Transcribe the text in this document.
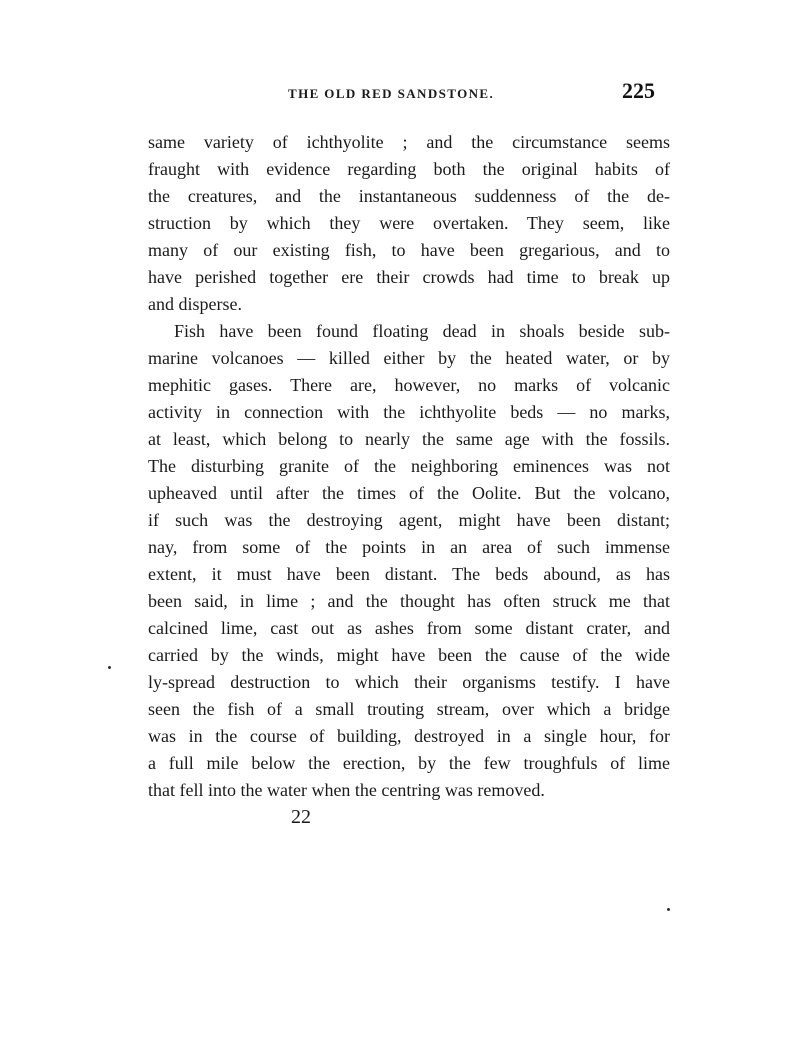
THE OLD RED SANDSTONE.	225
same variety of ichthyolite ; and the circumstance seems
fraught with evidence regarding both the original habits of
the creatures, and the instantaneous suddenness of the de-
struction by which they were overtaken. They seem, like
many of our existing fish, to have been gregarious, and to
have perished together ere their crowds had time to break up
and disperse.
Fish have been found floating dead in shoals beside sub-
marine volcanoes — killed either by the heated water, or by
mephitic gases. There are, however, no marks of volcanic
activity in connection with the ichthyolite beds — no marks,
at least, which belong to nearly the same age with the fossils.
The disturbing granite of the neighboring eminences was not
upheaved until after the times of the Oolite. But the volcano,
if such was the destroying agent, might have been distant;
nay, from some of the points in an area of such immense
extent, it must have been distant. The beds abound, as has
been said, in lime ; and the thought has often struck me that
calcined lime, cast out as ashes from some distant crater, and
carried by the winds, might have been the cause of the wide
ly-spread destruction to which their organisms testify. I have
seen the fish of a small trouting stream, over which a bridge
was in the course of building, destroyed in a single hour, for
a full mile below the erection, by the few troughfuls of lime
that fell into the water when the centring was removed.
22
